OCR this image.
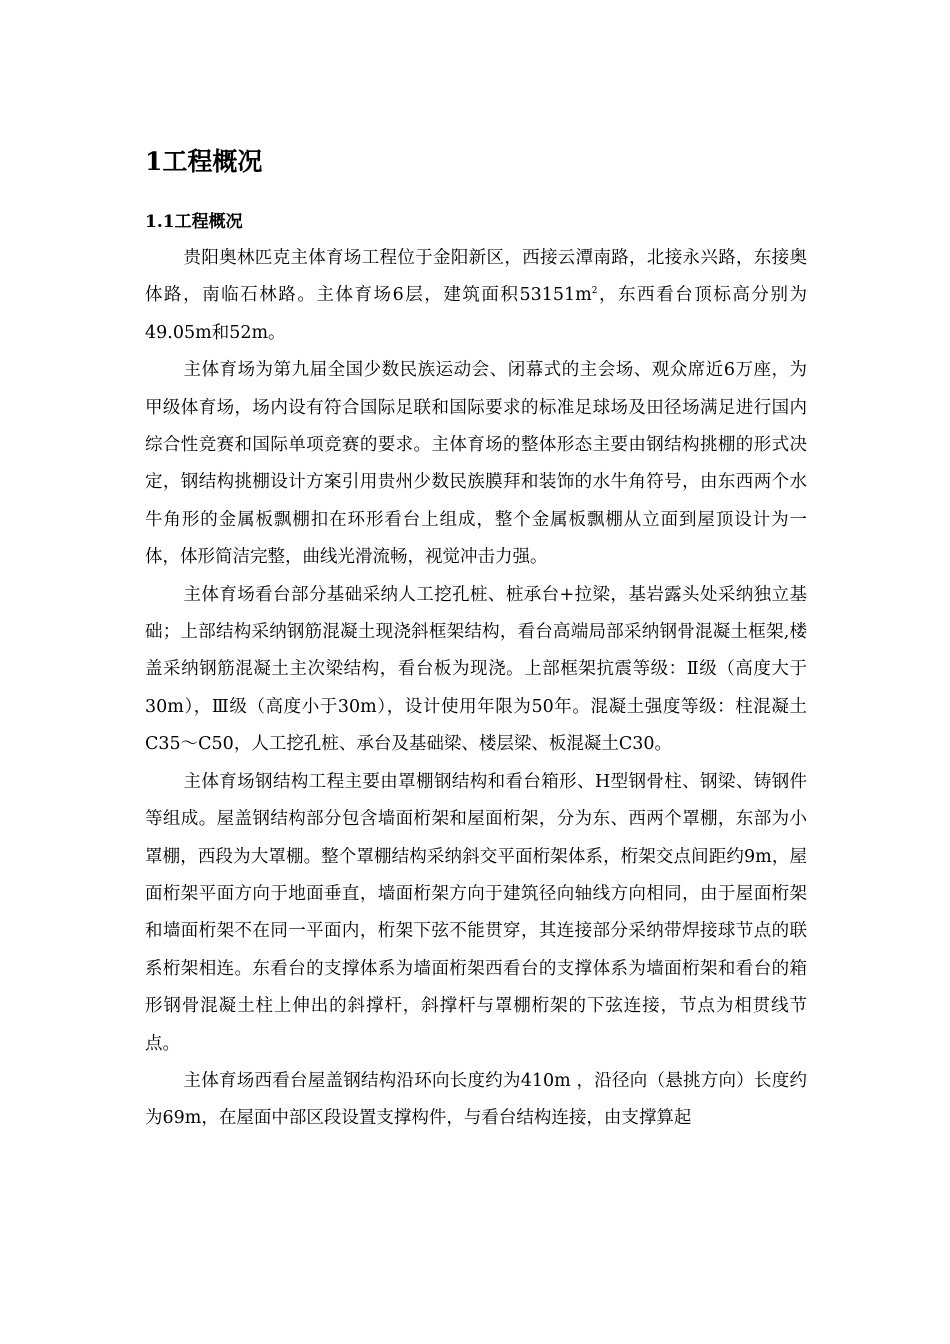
1工程概况
1.1工程概况

贵阳奥林匹克主体育场工程位于金阳新区，西接云潭南路，北接永兴路，东接奥体路，南临石林路。主体育场6层，建筑面积$53151m^2$，东西看台顶标高分别为49.05m和52m。

主体育场为第九届全国少数民族运动会、闭幕式的主会场、观众席近6万座，为甲级体育场，场内设有符合国际足联和国际要求的标准足球场及田径场满足进行国内综合性竞赛和国际单项竞赛的要求。主体育场的整体形态主要由钢结构挑棚的形式决定，钢结构挑棚设计方案引用贵州少数民族膜拜和装饰的水牛角符号，由东西两个水牛角形的金属板飘棚扣在环形看台上组成，整个金属板飘棚从立面到屋顶设计为一体，体形简洁完整，曲线光滑流畅，视觉冲击力强。

主体育场看台部分基础采纳人工挖孔桩、桩承台+拉梁，基岩露头处采纳独立基础；上部结构采纳钢筋混凝土现浇斜框架结构，看台高端局部采纳钢骨混凝土框架,楼盖采纳钢筋混凝土主次梁结构，看台板为现浇。上部框架抗震等级：Ⅱ级（高度大于30m），Ⅲ级（高度小于30m），设计使用年限为50年。混凝土强度等级：柱混凝土C35～C50，人工挖孔桩、承台及基础梁、楼层梁、板混凝土C30。

主体育场钢结构工程主要由罩棚钢结构和看台箱形、H型钢骨柱、钢梁、铸钢件等组成。屋盖钢结构部分包含墙面桁架和屋面桁架，分为东、西两个罩棚，东部为小罩棚，西段为大罩棚。整个罩棚结构采纳斜交平面桁架体系，桁架交点间距约9m，屋面桁架平面方向于地面垂直，墙面桁架方向于建筑径向轴线方向相同，由于屋面桁架和墙面桁架不在同一平面内，桁架下弦不能贯穿，其连接部分采纳带焊接球节点的联系桁架相连。东看台的支撑体系为墙面桁架西看台的支撑体系为墙面桁架和看台的箱形钢骨混凝土柱上伸出的斜撑杆，斜撑杆与罩棚桁架的下弦连接，节点为相贯线节点。

主体育场西看台屋盖钢结构沿环向长度约为410m ，沿径向（悬挑方向）长度约为69m，在屋面中部区段设置支撑构件，与看台结构连接，由支撑算起
